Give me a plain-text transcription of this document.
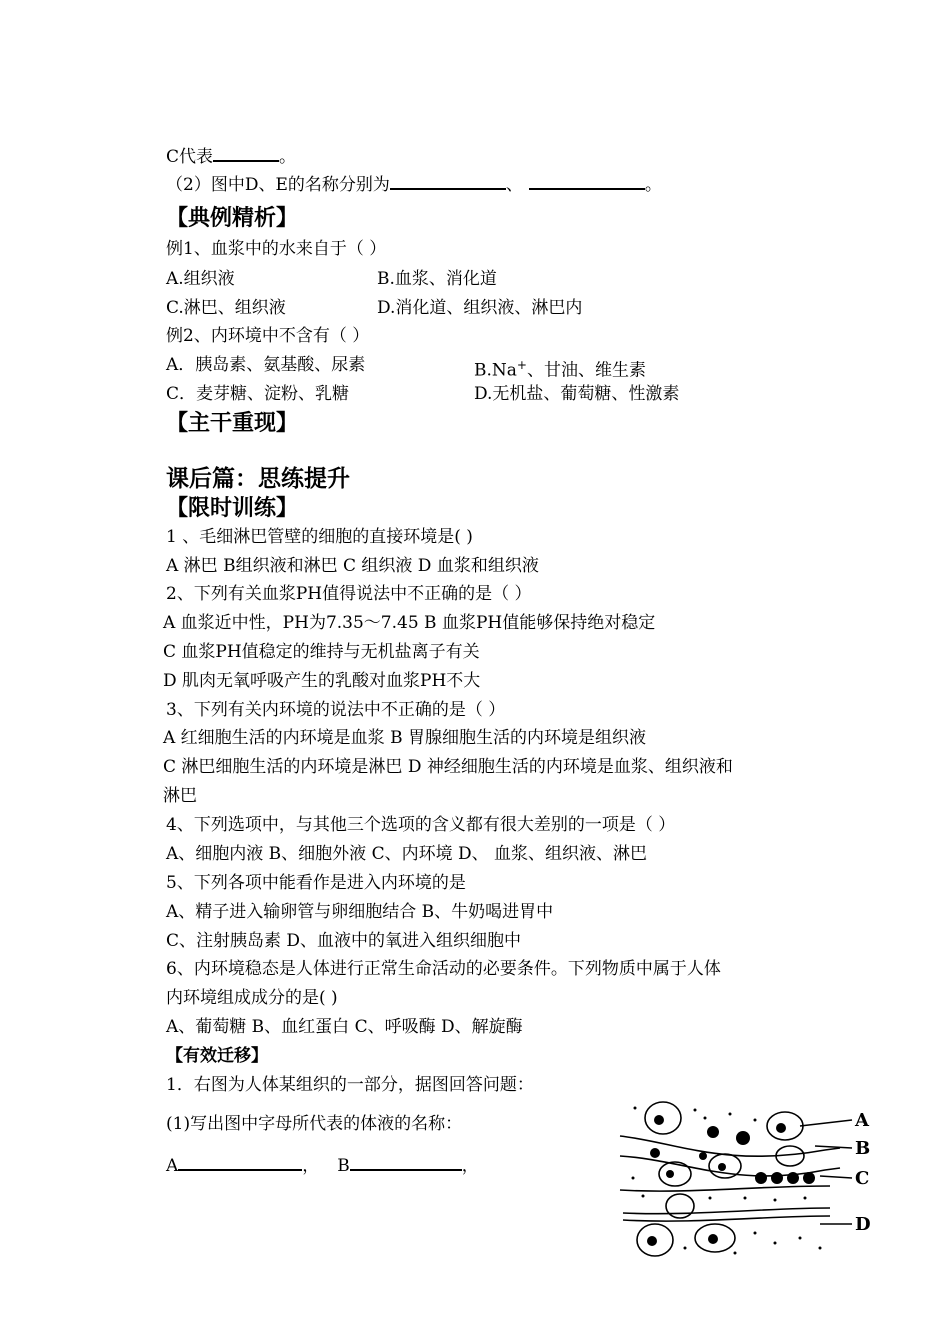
C代表	。
（2）图中D、E的名称分别为	、	。
【典例精析】
例1、血浆中的水来自于（ ）
A.组织液	B.血浆、消化道
C.淋巴、组织液	D.消化道、组织液、淋巴内
例2、内环境中不含有（ ）
A．胰岛素、氨基酸、尿素	B.Na+、甘油、维生素
C．麦芽糖、淀粉、乳糖	D.无机盐、葡萄糖、性激素
【主干重现】
课后篇：思练提升
【限时训练】
1 、毛细淋巴管壁的细胞的直接环境是( )
A 淋巴 B组织液和淋巴 C 组织液 D 血浆和组织液
2、下列有关血浆PH值得说法中不正确的是（ ）
A 血浆近中性，PH为7.35～7.45 B 血浆PH值能够保持绝对稳定
C 血浆PH值稳定的维持与无机盐离子有关
D 肌肉无氧呼吸产生的乳酸对血浆PH不大
3、下列有关内环境的说法中不正确的是（ ）
A 红细胞生活的内环境是血浆 B 胃腺细胞生活的内环境是组织液
C 淋巴细胞生活的内环境是淋巴 D 神经细胞生活的内环境是血浆、组织液和
淋巴
4、下列选项中，与其他三个选项的含义都有很大差别的一项是（ ）
A、细胞内液 B、细胞外液 C、内环境 D、 血浆、组织液、淋巴
5、下列各项中能看作是进入内环境的是
A、精子进入输卵管与卵细胞结合 B、牛奶喝进胃中
C、注射胰岛素 D、血液中的氧进入组织细胞中
6、内环境稳态是人体进行正常生命活动的必要条件。下列物质中属于人体
内环境组成成分的是( )
A、葡萄糖 B、血红蛋白 C、呼吸酶 D、解旋酶
【有效迁移】
1．右图为人体某组织的一部分，据图回答问题：
(1)写出图中字母所代表的体液的名称：
A	， B	，
A
B
C
D
